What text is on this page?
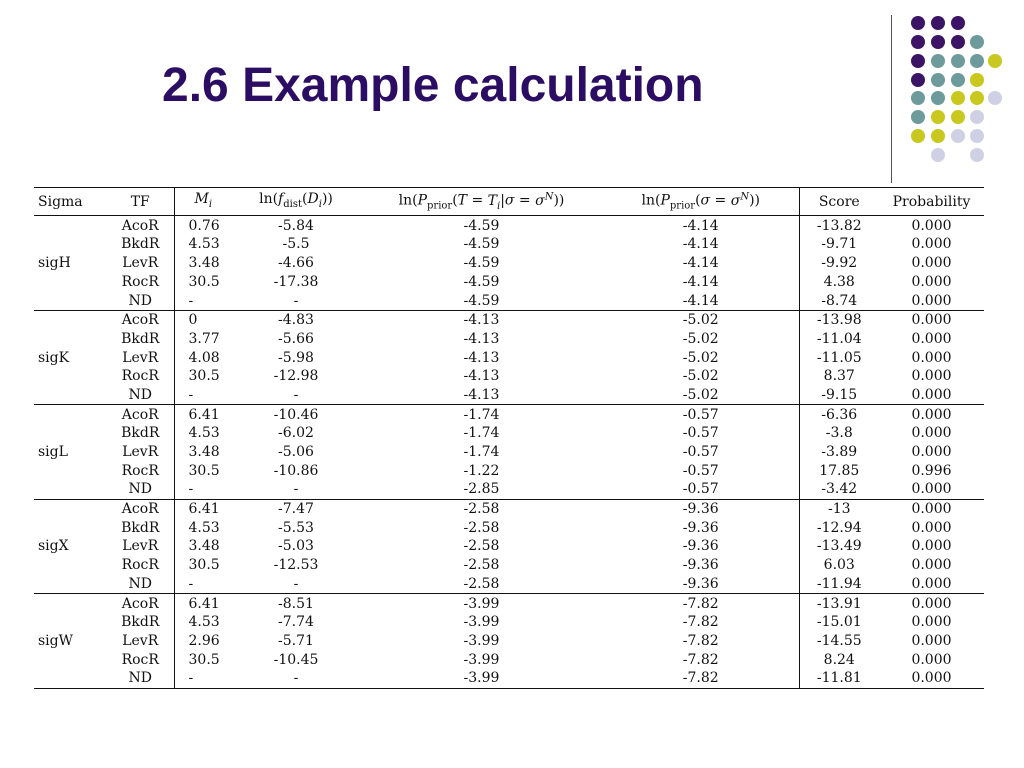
2.6 Example calculation
Sigma	TF	$M_i$	$\ln(f_{dist}(D_i))$	$\ln(P_{prior}(T = T_i|\sigma = \sigma^N))$	$\ln(P_{prior}(\sigma = \sigma^N))$	Score	Probability
	AcoR	0.76	-5.84	-4.59	-4.14	-13.82	0.000
	BkdR	4.53	-5.5	-4.59	-4.14	-9.71	0.000
sigH	LevR	3.48	-4.66	-4.59	-4.14	-9.92	0.000
	RocR	30.5	-17.38	-4.59	-4.14	4.38	0.000
	ND	-	-	-4.59	-4.14	-8.74	0.000
	AcoR	0	-4.83	-4.13	-5.02	-13.98	0.000
	BkdR	3.77	-5.66	-4.13	-5.02	-11.04	0.000
sigK	LevR	4.08	-5.98	-4.13	-5.02	-11.05	0.000
	RocR	30.5	-12.98	-4.13	-5.02	8.37	0.000
	ND	-	-	-4.13	-5.02	-9.15	0.000
	AcoR	6.41	-10.46	-1.74	-0.57	-6.36	0.000
	BkdR	4.53	-6.02	-1.74	-0.57	-3.8	0.000
sigL	LevR	3.48	-5.06	-1.74	-0.57	-3.89	0.000
	RocR	30.5	-10.86	-1.22	-0.57	17.85	0.996
	ND	-	-	-2.85	-0.57	-3.42	0.000
	AcoR	6.41	-7.47	-2.58	-9.36	-13	0.000
	BkdR	4.53	-5.53	-2.58	-9.36	-12.94	0.000
sigX	LevR	3.48	-5.03	-2.58	-9.36	-13.49	0.000
	RocR	30.5	-12.53	-2.58	-9.36	6.03	0.000
	ND	-	-	-2.58	-9.36	-11.94	0.000
	AcoR	6.41	-8.51	-3.99	-7.82	-13.91	0.000
	BkdR	4.53	-7.74	-3.99	-7.82	-15.01	0.000
sigW	LevR	2.96	-5.71	-3.99	-7.82	-14.55	0.000
	RocR	30.5	-10.45	-3.99	-7.82	8.24	0.000
	ND	-	-	-3.99	-7.82	-11.81	0.000
